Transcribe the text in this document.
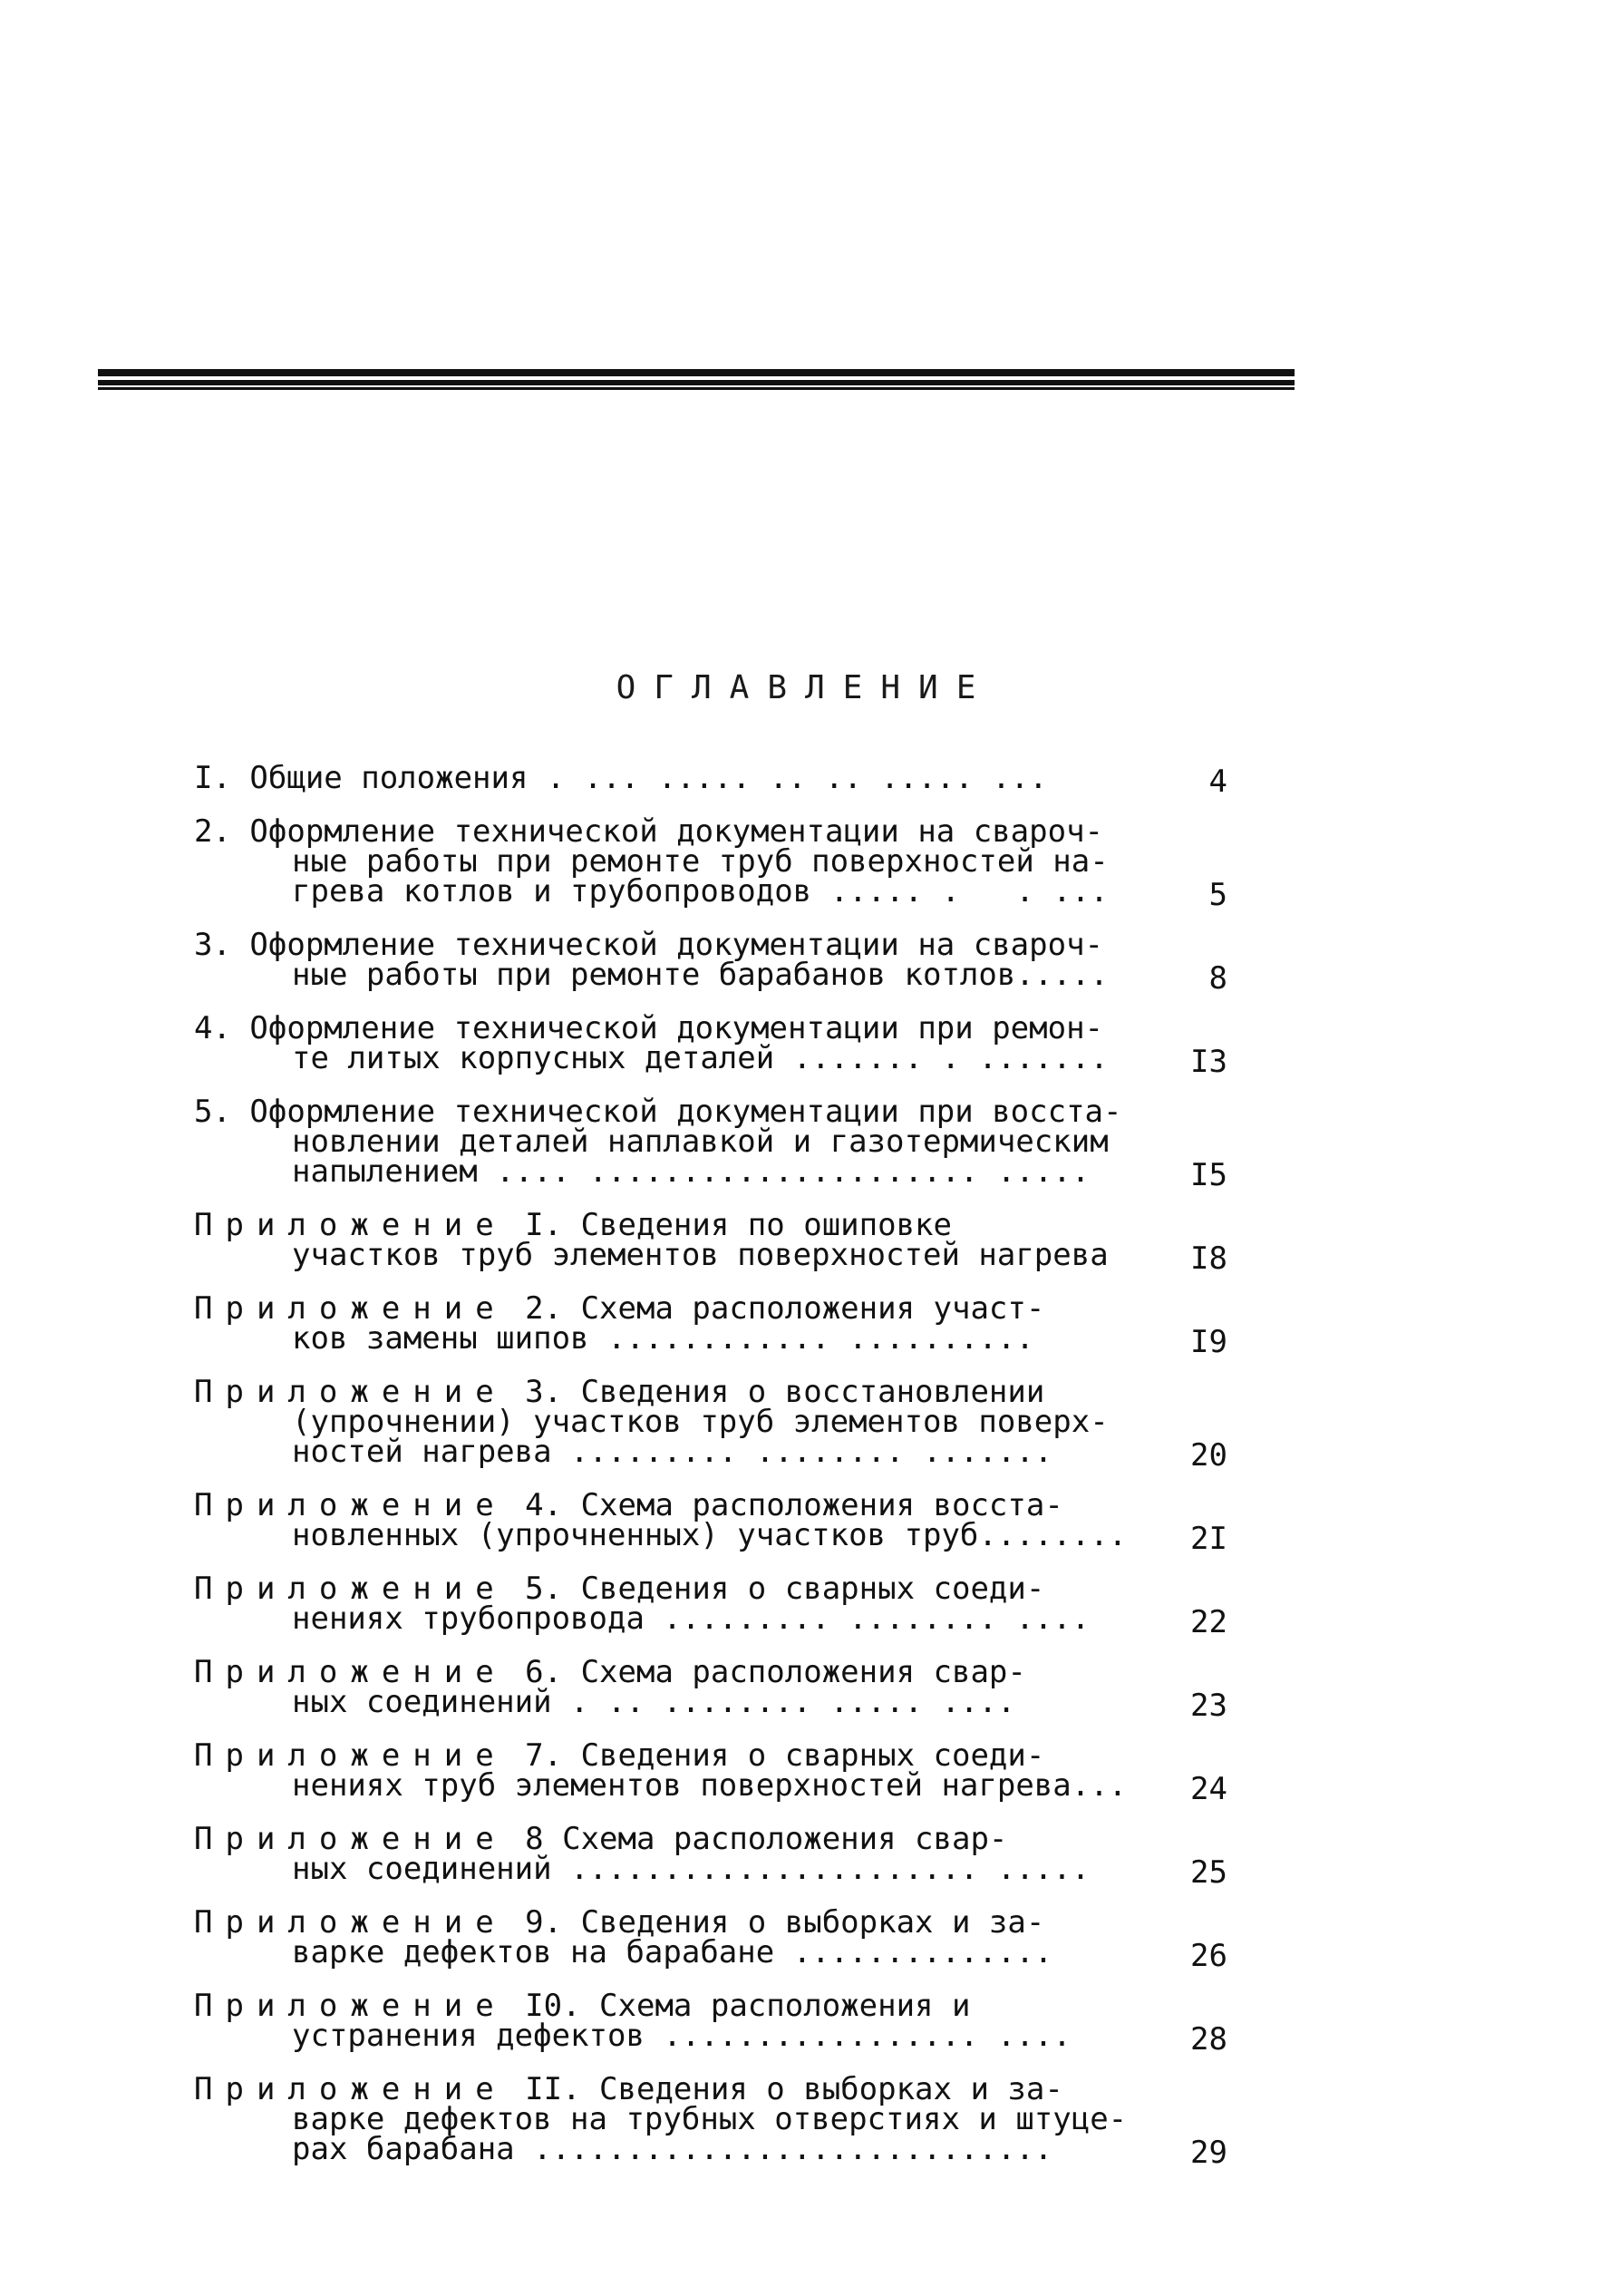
ОГЛАВЛЕНИЕ
I. Общие положения . ... ..... .. .. ..... ...	4
2. Оформление технической документации на свароч-
ные работы при ремонте труб поверхностей на-
грева котлов и трубопроводов ..... .   . ...	5
3. Оформление технической документации на свароч-
ные работы при ремонте барабанов котлов.....	8
4. Оформление технической документации при ремон-
те литых корпусных деталей ....... . .......	I3
5. Оформление технической документации при восста-
новлении деталей наплавкой и газотермическим
напылением .... ..................... .....	I5
Приложение I. Сведения по ошиповке
участков труб элементов поверхностей нагрева	I8
Приложение 2. Схема расположения участ-
ков замены шипов ............ ..........	I9
Приложение 3. Сведения о восстановлении
(упрочнении) участков труб элементов поверх-
ностей нагрева ......... ........ .......	20
Приложение 4. Схема расположения восста-
новленных (упрочненных) участков труб........	2I
Приложение 5. Сведения о сварных соеди-
нениях трубопровода ......... ........ ....	22
Приложение 6. Схема расположения свар-
ных соединений . .. ........ ..... ....	23
Приложение 7. Сведения о сварных соеди-
нениях труб элементов поверхностей нагрева...	24
Приложение 8 Схема расположения свар-
ных соединений ...................... .....	25
Приложение 9. Сведения о выборках и за-
варке дефектов на барабане ..............	26
Приложение I0. Схема расположения и
устранения дефектов ................. ....	28
Приложение II. Сведения о выборках и за-
варке дефектов на трубных отверстиях и штуце-
рах барабана ............................	29
